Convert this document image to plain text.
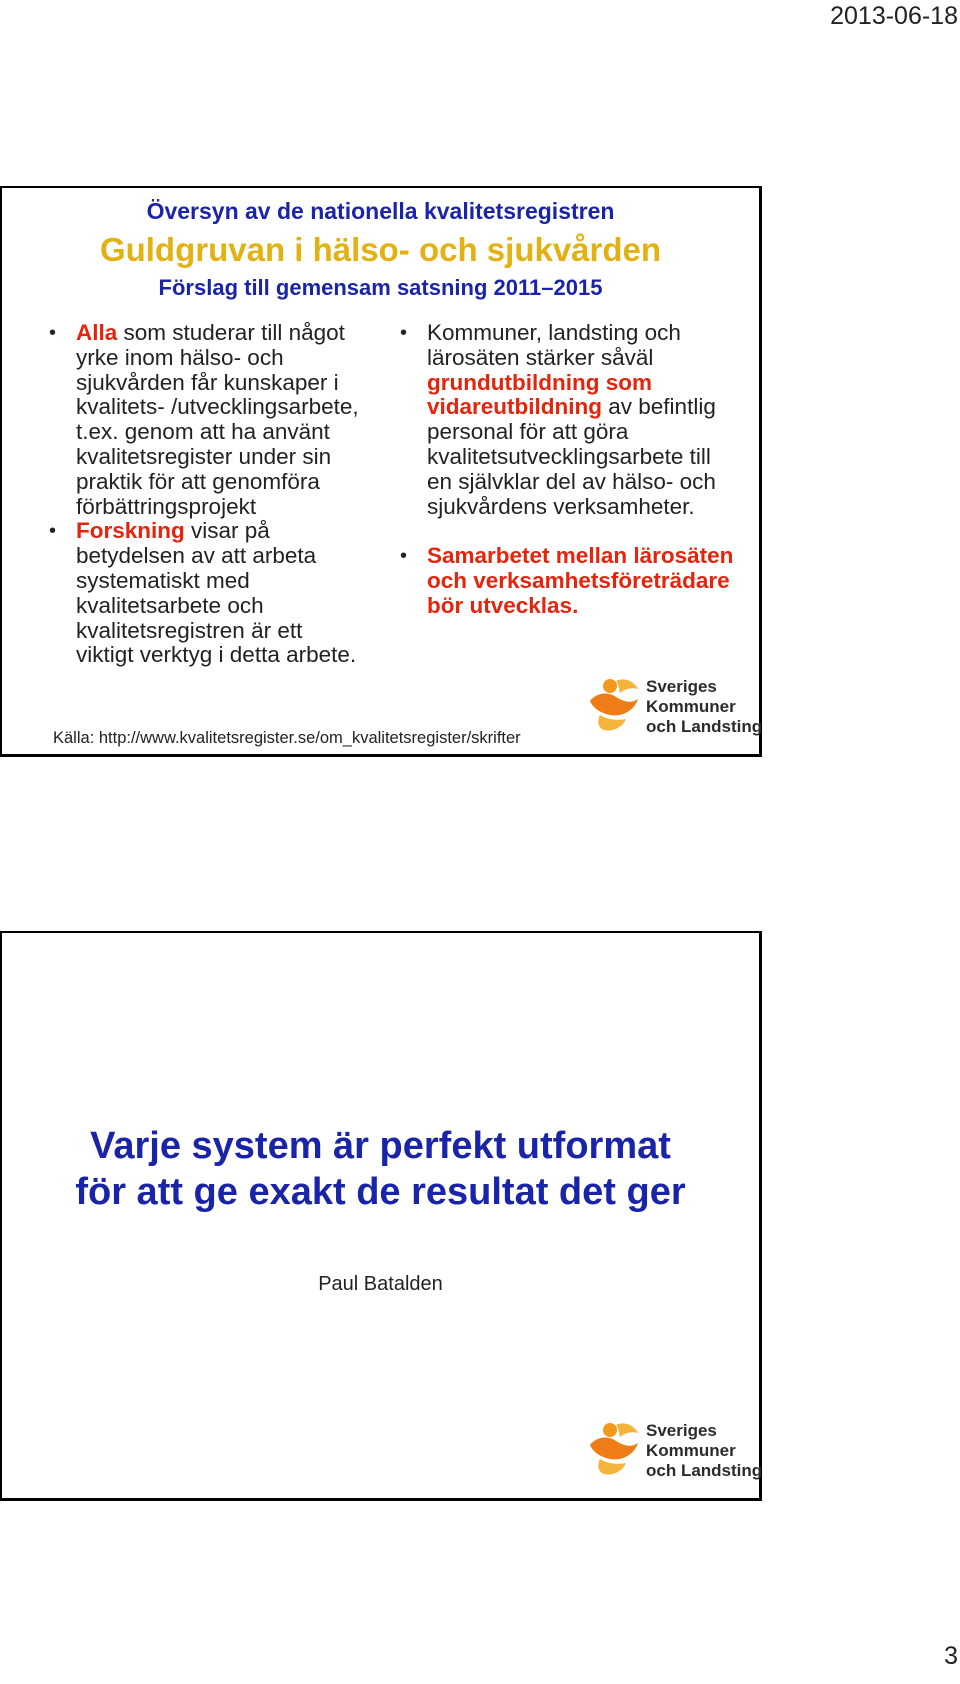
2013-06-18
Översyn av de nationella kvalitetsregistren
Guldgruvan i hälso- och sjukvården
Förslag till gemensam satsning 2011–2015

• Alla som studerar till något yrke inom hälso- och sjukvården får kunskaper i kvalitets- /utvecklingsarbete, t.ex. genom att ha använt kvalitetsregister under sin praktik för att genomföra förbättringsprojekt

• Forskning visar på betydelsen av att arbeta systematiskt med kvalitetsarbete och kvalitetsregistren är ett viktigt verktyg i detta arbete.

• Kommuner, landsting och lärosäten stärker såväl grundutbildning som vidareutbildning av befintlig personal för att göra kvalitetsutvecklingsarbete till en självklar del av hälso- och sjukvårdens verksamheter.

• Samarbetet mellan lärosäten och verksamhetsföreträdare bör utvecklas.

Källa: http://www.kvalitetsregister.se/om_kvalitetsregister/skrifter
Sveriges
Kommuner
och Landsting
Varje system är perfekt utformat
för att ge exakt de resultat det ger
Paul Batalden
Sveriges
Kommuner
och Landsting
3
